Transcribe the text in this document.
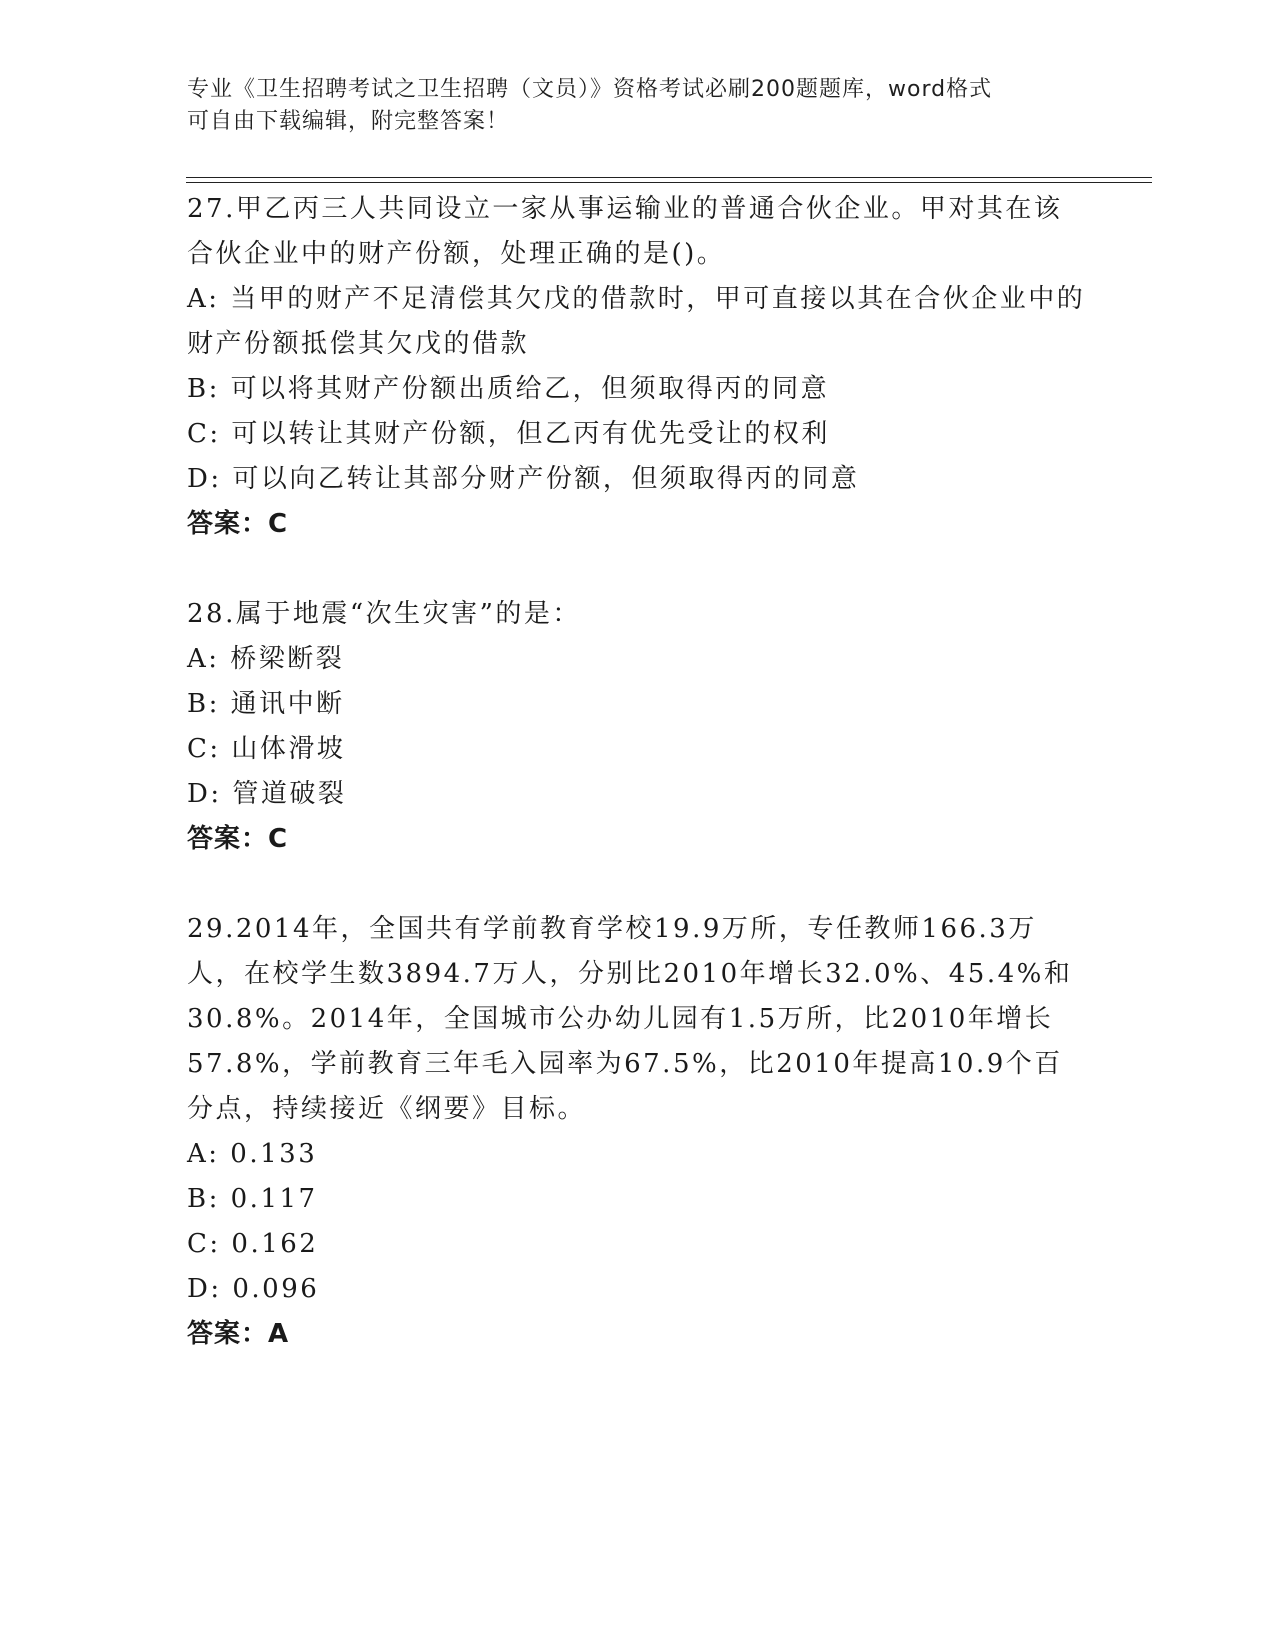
专业《卫生招聘考试之卫生招聘（文员）》资格考试必刷200题题库，word格式
可自由下载编辑，附完整答案！

27.甲乙丙三人共同设立一家从事运输业的普通合伙企业。甲对其在该合伙企业中的财产份额，处理正确的是()。

A: 当甲的财产不足清偿其欠戊的借款时，甲可直接以其在合伙企业中的财产份额抵偿其欠戊的借款

B: 可以将其财产份额出质给乙，但须取得丙的同意

C: 可以转让其财产份额，但乙丙有优先受让的权利

D: 可以向乙转让其部分财产份额，但须取得丙的同意

答案：C

28.属于地震“次生灾害”的是：

A: 桥梁断裂

B: 通讯中断

C: 山体滑坡

D: 管道破裂

答案：C

29.2014年，全国共有学前教育学校19.9万所，专任教师166.3万人，在校学生数3894.7万人，分别比2010年增长32.0%、45.4%和30.8%。2014年，全国城市公办幼儿园有1.5万所，比2010年增长57.8%，学前教育三年毛入园率为67.5%，比2010年提高10.9个百分点，持续接近《纲要》目标。

A: 0.133

B: 0.117

C: 0.162

D: 0.096

答案：A
